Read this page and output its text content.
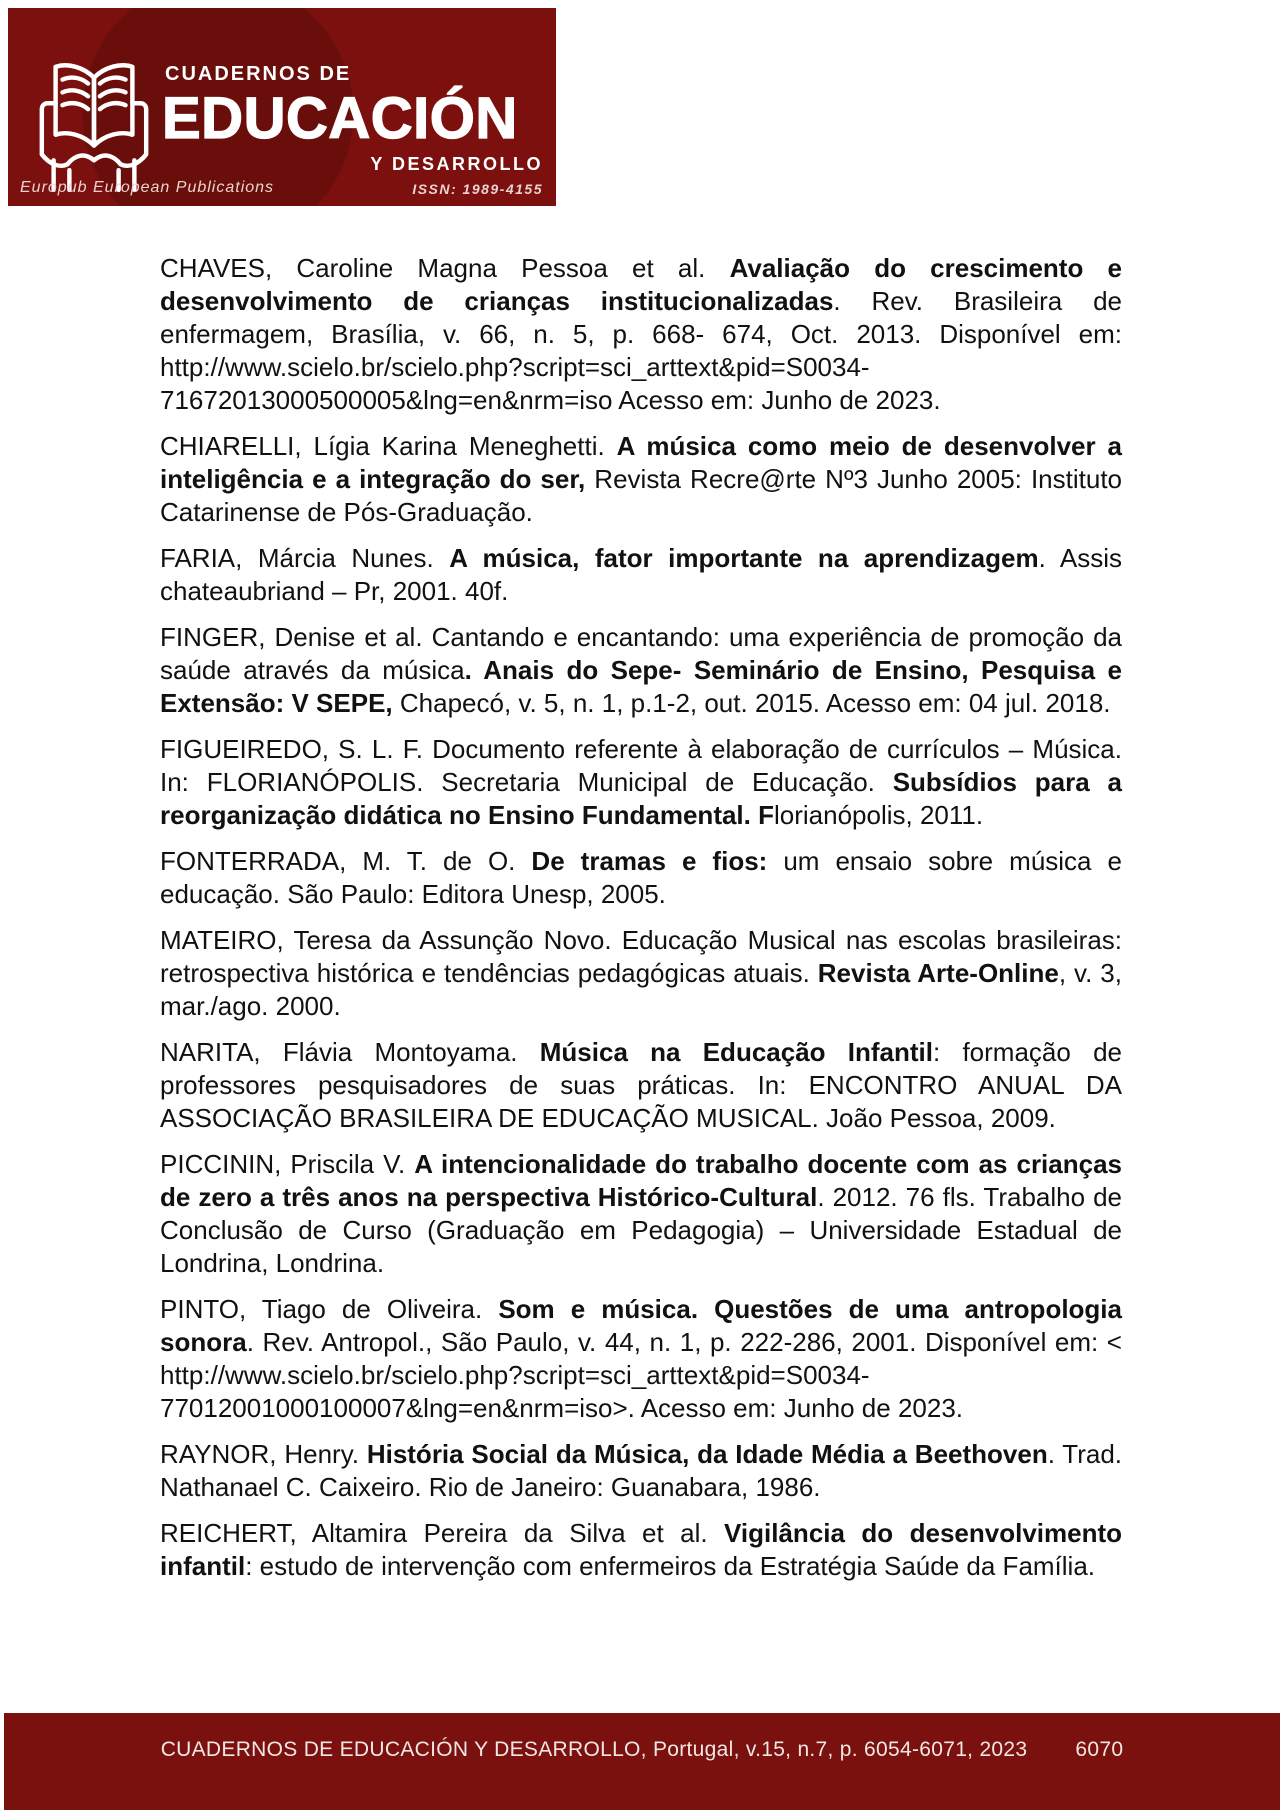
CUADERNOS DE
EDUCACIÓN
Y DESARROLLO
Europub European Publications	ISSN: 1989-4155

CHAVES, Caroline Magna Pessoa et al. Avaliação do crescimento e desenvolvimento de crianças institucionalizadas. Rev. Brasileira de enfermagem, Brasília, v. 66, n. 5, p. 668- 674, Oct. 2013. Disponível em: http://www.scielo.br/scielo.php?script=sci_arttext&pid=S0034-71672013000500005&lng=en&nrm=iso Acesso em: Junho de 2023.

CHIARELLI, Lígia Karina Meneghetti. A música como meio de desenvolver a inteligência e a integração do ser, Revista Recre@rte Nº3 Junho 2005: Instituto Catarinense de Pós-Graduação.

FARIA, Márcia Nunes. A música, fator importante na aprendizagem. Assis chateaubriand – Pr, 2001. 40f.

FINGER, Denise et al. Cantando e encantando: uma experiência de promoção da saúde através da música. Anais do Sepe- Seminário de Ensino, Pesquisa e Extensão: V SEPE, Chapecó, v. 5, n. 1, p.1-2, out. 2015. Acesso em: 04 jul. 2018.

FIGUEIREDO, S. L. F. Documento referente à elaboração de currículos – Música. In: FLORIANÓPOLIS. Secretaria Municipal de Educação. Subsídios para a reorganização didática no Ensino Fundamental. Florianópolis, 2011.

FONTERRADA, M. T. de O. De tramas e fios: um ensaio sobre música e educação. São Paulo: Editora Unesp, 2005.

MATEIRO, Teresa da Assunção Novo. Educação Musical nas escolas brasileiras: retrospectiva histórica e tendências pedagógicas atuais. Revista Arte-Online, v. 3, mar./ago. 2000.

NARITA, Flávia Montoyama. Música na Educação Infantil: formação de professores pesquisadores de suas práticas. In: ENCONTRO ANUAL DA ASSOCIAÇÃO BRASILEIRA DE EDUCAÇÃO MUSICAL. João Pessoa, 2009.

PICCININ, Priscila V. A intencionalidade do trabalho docente com as crianças de zero a três anos na perspectiva Histórico-Cultural. 2012. 76 fls. Trabalho de Conclusão de Curso (Graduação em Pedagogia) – Universidade Estadual de Londrina, Londrina.

PINTO, Tiago de Oliveira. Som e música. Questões de uma antropologia sonora. Rev. Antropol., São Paulo, v. 44, n. 1, p. 222-286, 2001. Disponível em: < http://www.scielo.br/scielo.php?script=sci_arttext&pid=S0034-77012001000100007&lng=en&nrm=iso>. Acesso em: Junho de 2023.

RAYNOR, Henry. História Social da Música, da Idade Média a Beethoven. Trad. Nathanael C. Caixeiro. Rio de Janeiro: Guanabara, 1986.

REICHERT, Altamira Pereira da Silva et al. Vigilância do desenvolvimento infantil: estudo de intervenção com enfermeiros da Estratégia Saúde da Família.

CUADERNOS DE EDUCACIÓN Y DESARROLLO, Portugal, v.15, n.7, p. 6054-6071, 2023 6070
